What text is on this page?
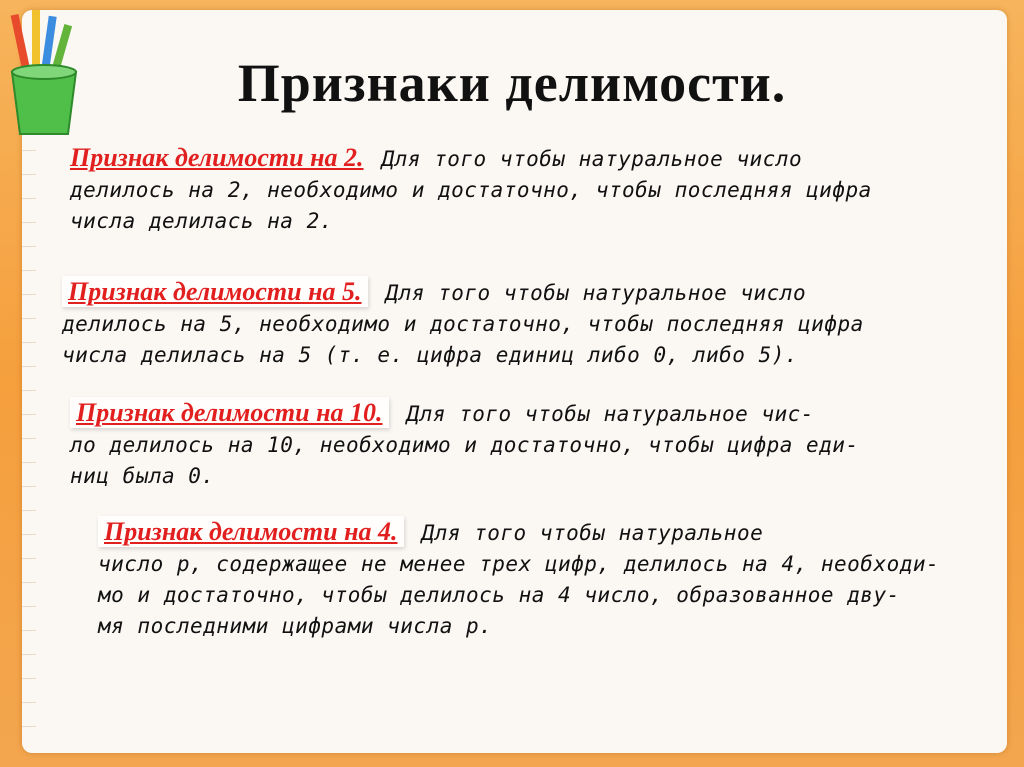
Признаки делимости.
Признак делимости на 2. Для того чтобы натуральное число
делилось на 2, необходимо и достаточно, чтобы последняя цифра
числа делилась на 2.
Признак делимости на 5. Для того чтобы натуральное число
делилось на 5, необходимо и достаточно, чтобы последняя цифра
числа делилась на 5 (т. е. цифра единиц либо 0, либо 5).
Признак делимости на 10. Для того чтобы натуральное чис-
ло делилось на 10, необходимо и достаточно, чтобы цифра еди-
ниц была 0.
Признак делимости на 4. Для того чтобы натуральное
число p, содержащее не менее трех цифр, делилось на 4, необходи-
мо и достаточно, чтобы делилось на 4 число, образованное дву-
мя последними цифрами числа p.
